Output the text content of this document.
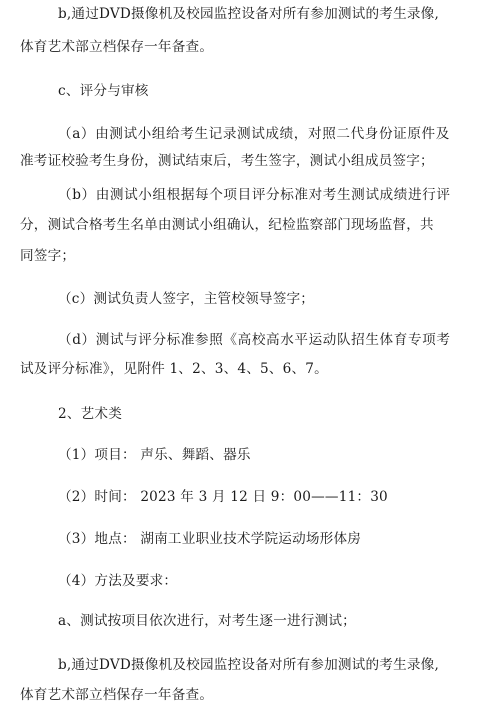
b,通过DVD摄像机及校园监控设备对所有参加测试的考生录像,
体育艺术部立档保存一年备查。
c、评分与审核
（a）由测试小组给考生记录测试成绩，对照二代身份证原件及
准考证校验考生身份，测试结束后，考生签字，测试小组成员签字；
（b）由测试小组根据每个项目评分标准对考生测试成绩进行评
分，测试合格考生名单由测试小组确认，纪检监察部门现场监督，共
同签字；
（c）测试负责人签字，主管校领导签字；
（d）测试与评分标准参照《高校高水平运动队招生体育专项考
试及评分标准》，见附件 1、2、3、4、5、6、7。
2、艺术类
（1）项目： 声乐、舞蹈、器乐
（2）时间： 2023 年 3 月 12 日 9：00——11：30
（3）地点： 湖南工业职业技术学院运动场形体房
（4）方法及要求：
a、测试按项目依次进行，对考生逐一进行测试；
b,通过DVD摄像机及校园监控设备对所有参加测试的考生录像,
体育艺术部立档保存一年备查。
